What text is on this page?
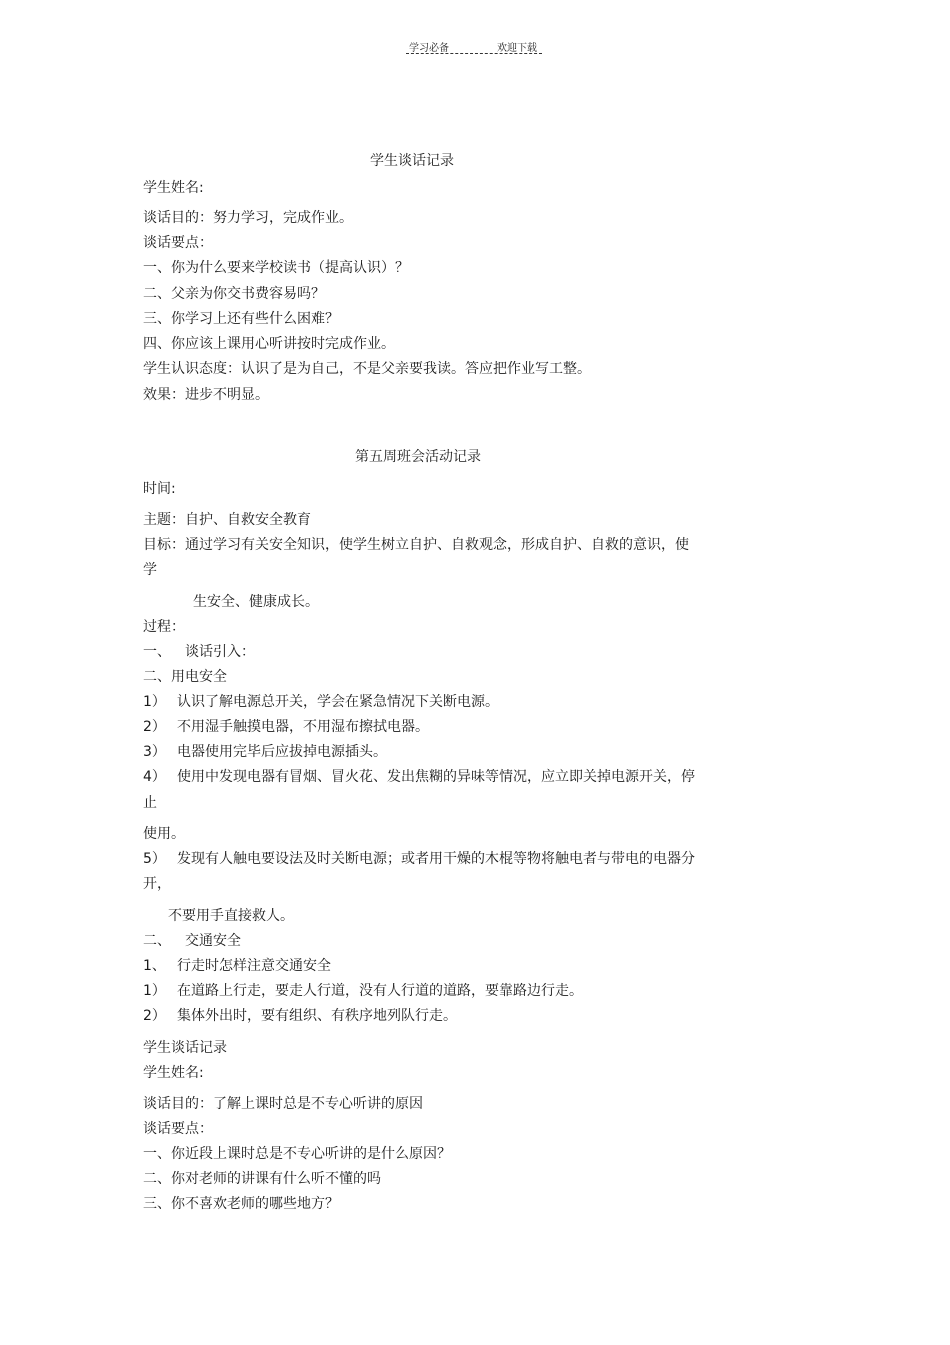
学习必备	欢迎下载
学生谈话记录
学生姓名:
谈话目的：努力学习，完成作业。
谈话要点：
一、你为什么要来学校读书（提高认识）？
二、父亲为你交书费容易吗？
三、你学习上还有些什么困难？
四、你应该上课用心听讲按时完成作业。
学生认识态度：认识了是为自己，不是父亲要我读。答应把作业写工整。
效果：进步不明显。
第五周班会活动记录
时间:
主题：自护、自救安全教育
目标：通过学习有关安全知识，使学生树立自护、自救观念，形成自护、自救的意识，使
学
生安全、健康成长。
过程：
一、 谈话引入：
二、用电安全
1） 认识了解电源总开关，学会在紧急情况下关断电源。
2） 不用湿手触摸电器，不用湿布擦拭电器。
3） 电器使用完毕后应拔掉电源插头。
4） 使用中发现电器有冒烟、冒火花、发出焦糊的异味等情况，应立即关掉电源开关，停
止
使用。
5） 发现有人触电要设法及时关断电源；或者用干燥的木棍等物将触电者与带电的电器分
开，
不要用手直接救人。
二、 交通安全
1、 行走时怎样注意交通安全
1） 在道路上行走，要走人行道，没有人行道的道路，要靠路边行走。
2） 集体外出时，要有组织、有秩序地列队行走。
学生谈话记录
学生姓名:
谈话目的：了解上课时总是不专心听讲的原因
谈话要点：
一、你近段上课时总是不专心听讲的是什么原因？
二、你对老师的讲课有什么听不懂的吗
三、你不喜欢老师的哪些地方？
